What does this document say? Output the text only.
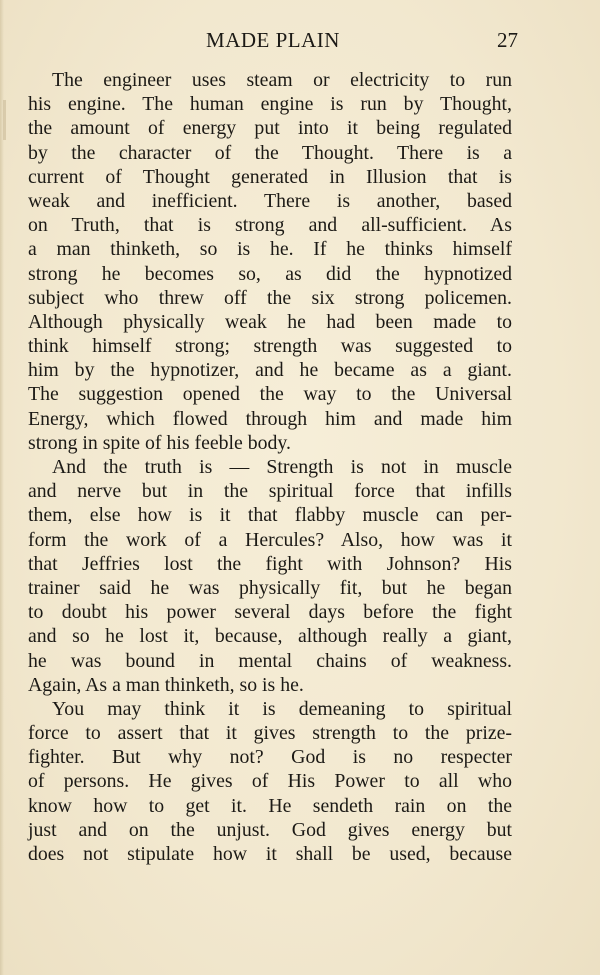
MADE PLAIN	27
The engineer uses steam or electricity to run
his engine. The human engine is run by Thought,
the amount of energy put into it being regulated
by the character of the Thought. There is a
current of Thought generated in Illusion that is
weak and inefficient. There is another, based
on Truth, that is strong and all-sufficient. As
a man thinketh, so is he. If he thinks himself
strong he becomes so, as did the hypnotized
subject who threw off the six strong policemen.
Although physically weak he had been made to
think himself strong; strength was suggested to
him by the hypnotizer, and he became as a giant.
The suggestion opened the way to the Universal
Energy, which flowed through him and made him
strong in spite of his feeble body.
And the truth is — Strength is not in muscle
and nerve but in the spiritual force that infills
them, else how is it that flabby muscle can per-
form the work of a Hercules? Also, how was it
that Jeffries lost the fight with Johnson? His
trainer said he was physically fit, but he began
to doubt his power several days before the fight
and so he lost it, because, although really a giant,
he was bound in mental chains of weakness.
Again, As a man thinketh, so is he.
You may think it is demeaning to spiritual
force to assert that it gives strength to the prize-
fighter. But why not? God is no respecter
of persons. He gives of His Power to all who
know how to get it. He sendeth rain on the
just and on the unjust. God gives energy but
does not stipulate how it shall be used, because
